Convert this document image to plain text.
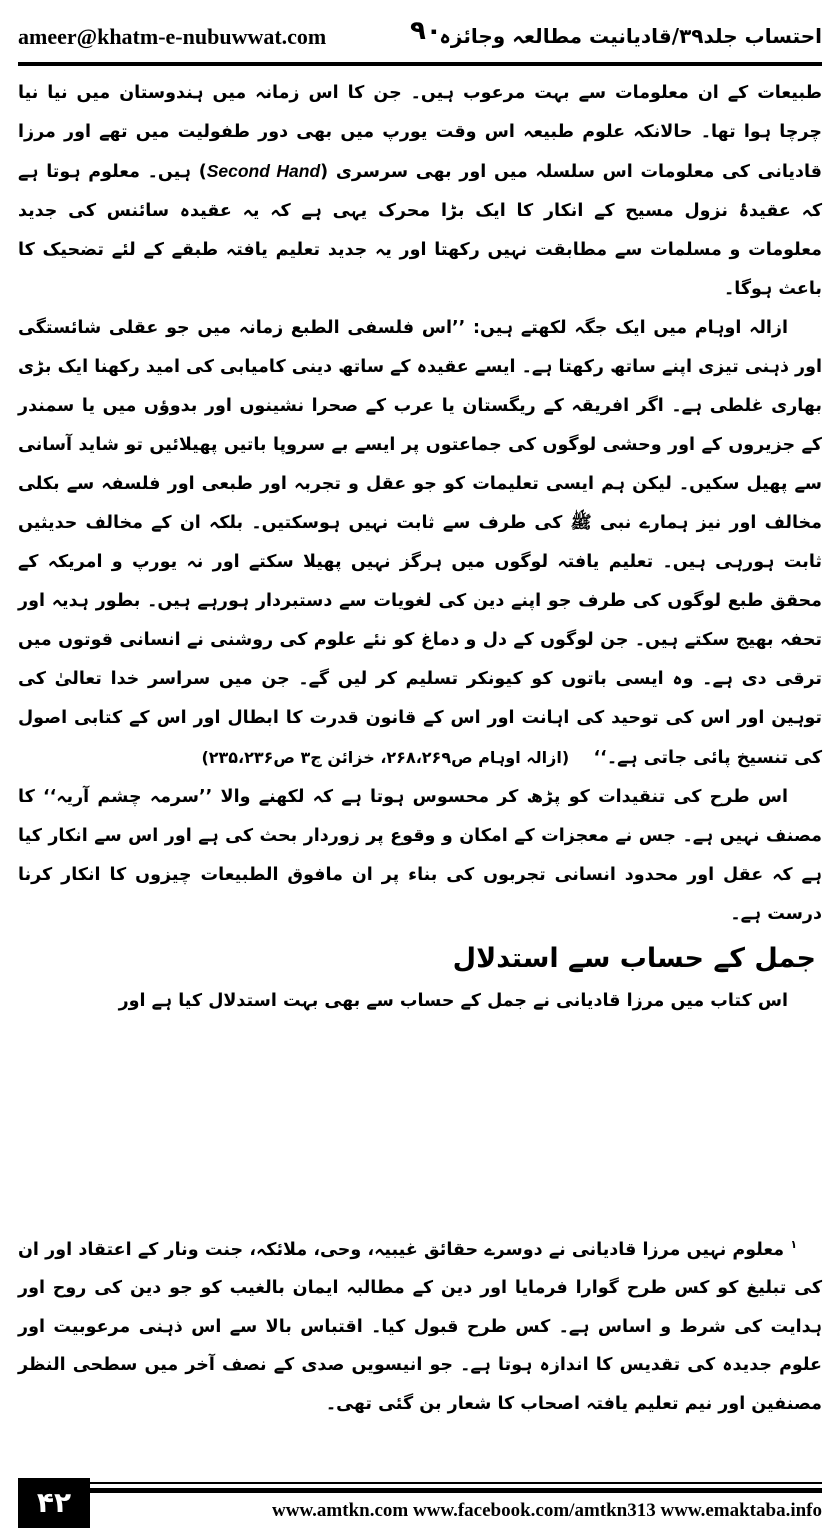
ameer@khatm-e-nubuwwat.com	۹۰
احتساب جلد۳۹/قادیانیت مطالعہ وجائزہ

طبیعات کے ان معلومات سے بہت مرعوب ہیں۔ جن کا اس زمانہ میں ہندوستان میں نیا نیا چرچا ہوا تھا۔ حالانکہ علوم طبیعہ اس وقت یورپ میں بھی دور طفولیت میں تھے اور مرزا قادیانی کی معلومات اس سلسلہ میں اور بھی سرسری (Second Hand) ہیں۔ معلوم ہوتا ہے کہ عقیدۂ نزول مسیح کے انکار کا ایک بڑا محرک یہی ہے کہ یہ عقیدہ سائنس کی جدید معلومات و مسلمات سے مطابقت نہیں رکھتا اور یہ جدید تعلیم یافتہ طبقے کے لئے تضحیک کا باعث ہوگا۔

ازالہ اوہام میں ایک جگہ لکھتے ہیں: ’’اس فلسفی الطبع زمانہ میں جو عقلی شائستگی اور ذہنی تیزی اپنے ساتھ رکھتا ہے۔ ایسے عقیدہ کے ساتھ دینی کامیابی کی امید رکھنا ایک بڑی بھاری غلطی ہے۔ اگر افریقہ کے ریگستان یا عرب کے صحرا نشینوں اور بدوؤں میں یا سمندر کے جزیروں کے اور وحشی لوگوں کی جماعتوں پر ایسے بے سروپا باتیں پھیلائیں تو شاید آسانی سے پھیل سکیں۔ لیکن ہم ایسی تعلیمات کو جو عقل و تجربہ اور طبعی اور فلسفہ سے بکلی مخالف اور نیز ہمارے نبی ﷺ کی طرف سے ثابت نہیں ہوسکتیں۔ بلکہ ان کے مخالف حدیثیں ثابت ہورہی ہیں۔ تعلیم یافتہ لوگوں میں ہرگز نہیں پھیلا سکتے اور نہ یورپ و امریکہ کے محقق طبع لوگوں کی طرف جو اپنے دین کی لغویات سے دستبردار ہورہے ہیں۔ بطور ہدیہ اور تحفہ بھیج سکتے ہیں۔ جن لوگوں کے دل و دماغ کو نئے علوم کی روشنی نے انسانی قوتوں میں ترقی دی ہے۔ وہ ایسی باتوں کو کیونکر تسلیم کر لیں گے۔ جن میں سراسر خدا تعالیٰ کی توہین اور اس کی توحید کی اہانت اور اس کے قانون قدرت کا ابطال اور اس کے کتابی اصول کی تنسیخ پائی جاتی ہے۔‘‘    (ازالہ اوہام ص۲۶۸،۲۶۹، خزائن ج۳ ص۲۳۵،۲۳۶)

اس طرح کی تنقیدات کو پڑھ کر محسوس ہوتا ہے کہ لکھنے والا ’’سرمہ چشم آریہ‘‘ کا مصنف نہیں ہے۔ جس نے معجزات کے امکان و وقوع پر زوردار بحث کی ہے اور اس سے انکار کیا ہے کہ عقل اور محدود انسانی تجربوں کی بناء پر ان مافوق الطبیعات چیزوں کا انکار کرنا درست ہے۔

جمل کے حساب سے استدلال

اس کتاب میں مرزا قادیانی نے جمل کے حساب سے بھی بہت استدلال کیا ہے اور

$^۱$ معلوم نہیں مرزا قادیانی نے دوسرے حقائق غیبیہ، وحی، ملائکہ، جنت ونار کے اعتقاد اور ان کی تبلیغ کو کس طرح گوارا فرمایا اور دین کے مطالبہ ایمان بالغیب کو جو دین کی روح اور ہدایت کی شرط و اساس ہے۔ کس طرح قبول کیا۔ اقتباس بالا سے اس ذہنی مرعوبیت اور علوم جدیدہ کی تقدیس کا اندازہ ہوتا ہے۔ جو انیسویں صدی کے نصف آخر میں سطحی النظر مصنفین اور نیم تعلیم یافتہ اصحاب کا شعار بن گئی تھی۔

۴۲	www.amtkn.com www.facebook.com/amtkn313 www.emaktaba.info
